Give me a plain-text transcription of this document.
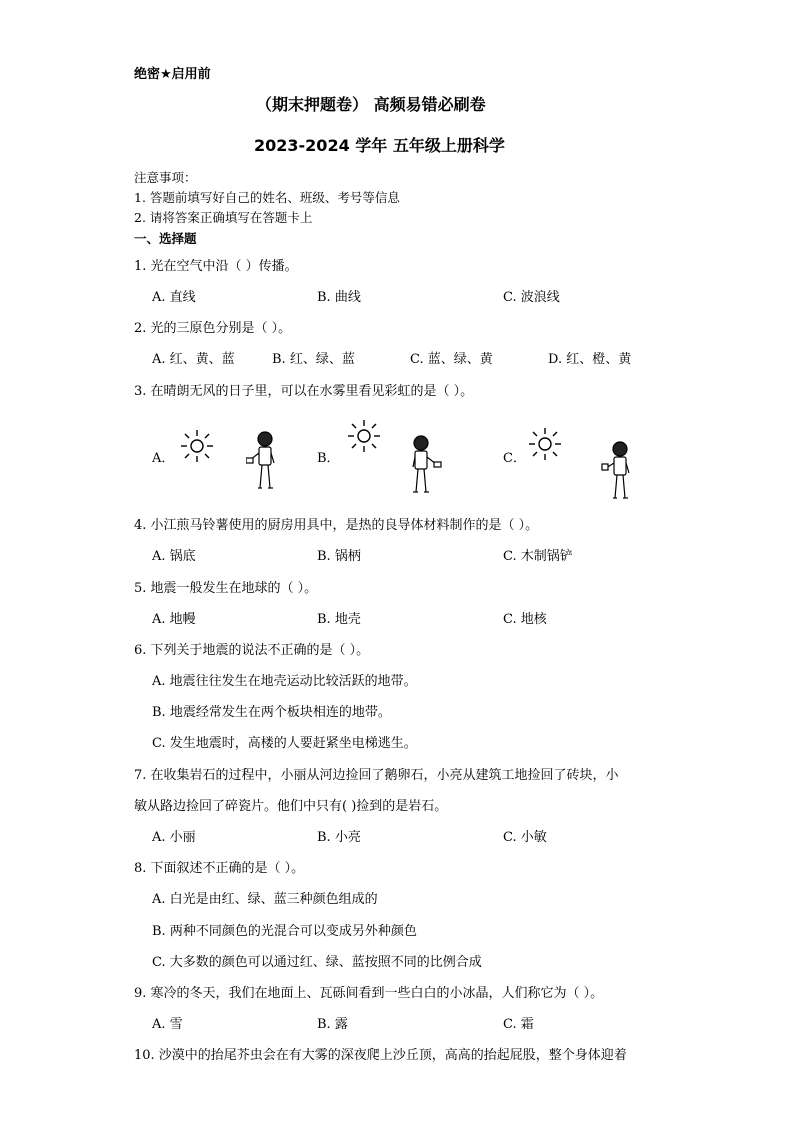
绝密★启用前
（期末押题卷） 高频易错必刷卷
2023-2024 学年 五年级上册科学
注意事项：
1. 答题前填写好自己的姓名、班级、考号等信息
2. 请将答案正确填写在答题卡上
一、选择题
1. 光在空气中沿（ ）传播。
A. 直线	B. 曲线	C. 波浪线
2. 光的三原色分别是（ ）。
A. 红、黄、蓝	B. 红、绿、蓝	C. 蓝、绿、黄	D. 红、橙、黄
3. 在晴朗无风的日子里，可以在水雾里看见彩虹的是（ ）。
A．	B．	C．
4. 小江煎马铃薯使用的厨房用具中，是热的良导体材料制作的是（ ）。
A. 锅底	B. 锅柄	C. 木制锅铲
5. 地震一般发生在地球的（ ）。
A. 地幔	B. 地壳	C. 地核
6. 下列关于地震的说法不正确的是（ ）。
A. 地震往往发生在地壳运动比较活跃的地带。
B. 地震经常发生在两个板块相连的地带。
C. 发生地震时，高楼的人要赶紧坐电梯逃生。
7. 在收集岩石的过程中，小丽从河边捡回了鹅卵石，小亮从建筑工地捡回了砖块，小
敏从路边捡回了碎瓷片。他们中只有( )捡到的是岩石。
A. 小丽	B. 小亮	C. 小敏
8. 下面叙述不正确的是（ ）。
A. 白光是由红、绿、蓝三种颜色组成的
B. 两种不同颜色的光混合可以变成另外种颜色
C. 大多数的颜色可以通过红、绿、蓝按照不同的比例合成
9. 寒冷的冬天，我们在地面上、瓦砾间看到一些白白的小冰晶，人们称它为（ ）。
A. 雪	B. 露	C. 霜
10. 沙漠中的抬尾芥虫会在有大雾的深夜爬上沙丘顶，高高的抬起屁股，整个身体迎着
